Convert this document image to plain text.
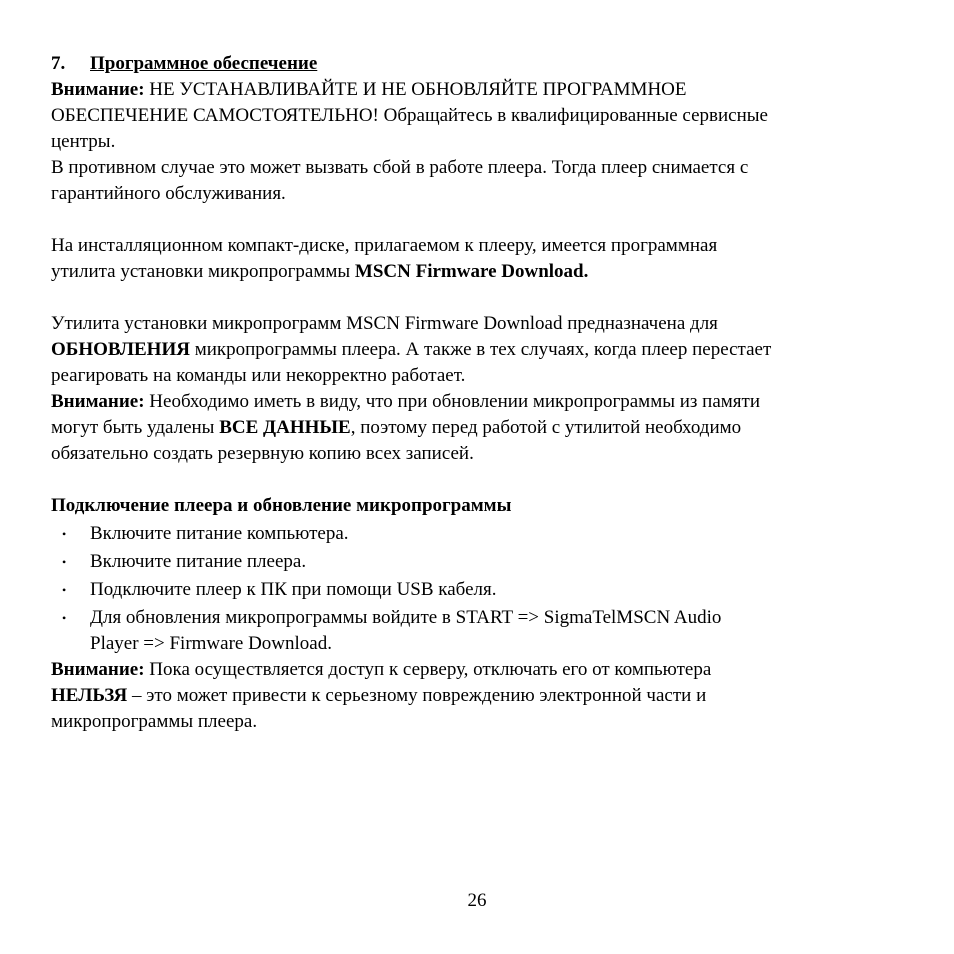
7. Программное обеспечение
Внимание: НЕ УСТАНАВЛИВАЙТЕ И НЕ ОБНОВЛЯЙТЕ ПРОГРАММНОЕ
ОБЕСПЕЧЕНИЕ САМОСТОЯТЕЛЬНО! Обращайтесь в квалифицированные сервисные
центры.
В противном случае это может вызвать сбой в работе плеера. Тогда плеер снимается с
гарантийного обслуживания.
На инсталляционном компакт-диске, прилагаемом к плееру, имеется программная
утилита установки микропрограммы MSCN Firmware Download.
Утилита установки микропрограмм MSCN Firmware Download предназначена для
ОБНОВЛЕНИЯ микропрограммы плеера. А также в тех случаях, когда плеер перестает
реагировать на команды или некорректно работает.
Внимание: Необходимо иметь в виду, что при обновлении микропрограммы из памяти
могут быть удалены ВСЕ ДАННЫЕ, поэтому перед работой с утилитой необходимо
обязательно создать резервную копию всех записей.
Подключение плеера и обновление микропрограммы
• Включите питание компьютера.
• Включите питание плеера.
• Подключите плеер к ПК при помощи USB кабеля.
• Для обновления микропрограммы войдите в START => SigmaTelMSCN Audio
Player => Firmware Download.
Внимание: Пока осуществляется доступ к серверу, отключать его от компьютера
НЕЛЬЗЯ – это может привести к серьезному повреждению электронной части и
микропрограммы плеера.
26
